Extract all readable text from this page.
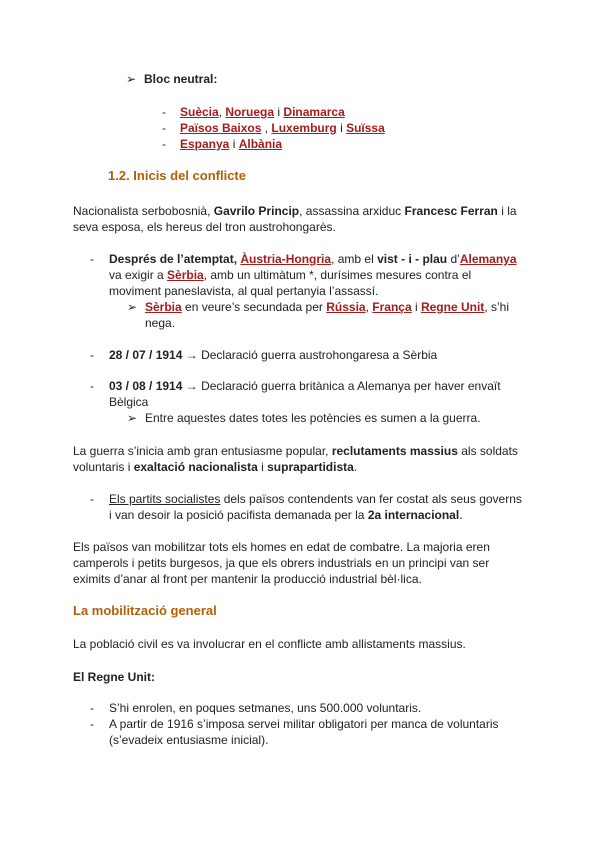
➢ Bloc neutral:
- Suècia, Noruega i Dinamarca
- Països Baixos , Luxemburg i Suïssa
- Espanya i Albània
1.2. Inicis del conflicte
Nacionalista serbobosnià, Gavrilo Princip, assassina arxiduc Francesc Ferran i la
seva esposa, els hereus del tron austrohongarès.
- Després de l’atemptat, Àustria-Hongria, amb el vist - i - plau d’Alemanya
va exigir a Sèrbia, amb un ultimàtum *, durísimes mesures contra el
moviment paneslavista, al qual pertanyia l’assassí.
➢ Sèrbia en veure’s secundada per Rússia, França i Regne Unit, s’hi
nega.
- 28 / 07 / 1914 → Declaració guerra austrohongaresa a Sèrbia
- 03 / 08 / 1914 → Declaració guerra britànica a Alemanya per haver envaït
Bèlgica
➢ Entre aquestes dates totes les potències es sumen a la guerra.
La guerra s’inicia amb gran entusiasme popular, reclutaments massius als soldats
voluntaris i exaltació nacionalista i suprapartidista.
- Els partits socialistes dels països contendents van fer costat als seus governs
i van desoir la posició pacifista demanada per la 2a internacional.
Els països van mobilitzar tots els homes en edat de combatre. La majoria eren
camperols i petits burgesos, ja que els obrers industrials en un principi van ser
eximits d’anar al front per mantenir la producció industrial bèl·lica.
La mobilització general
La població civil es va involucrar en el conflicte amb allistaments massius.
El Regne Unit:
- S’hi enrolen, en poques setmanes, uns 500.000 voluntaris.
- A partir de 1916 s’imposa servei militar obligatori per manca de voluntaris
(s’evadeix entusiasme inicial).
